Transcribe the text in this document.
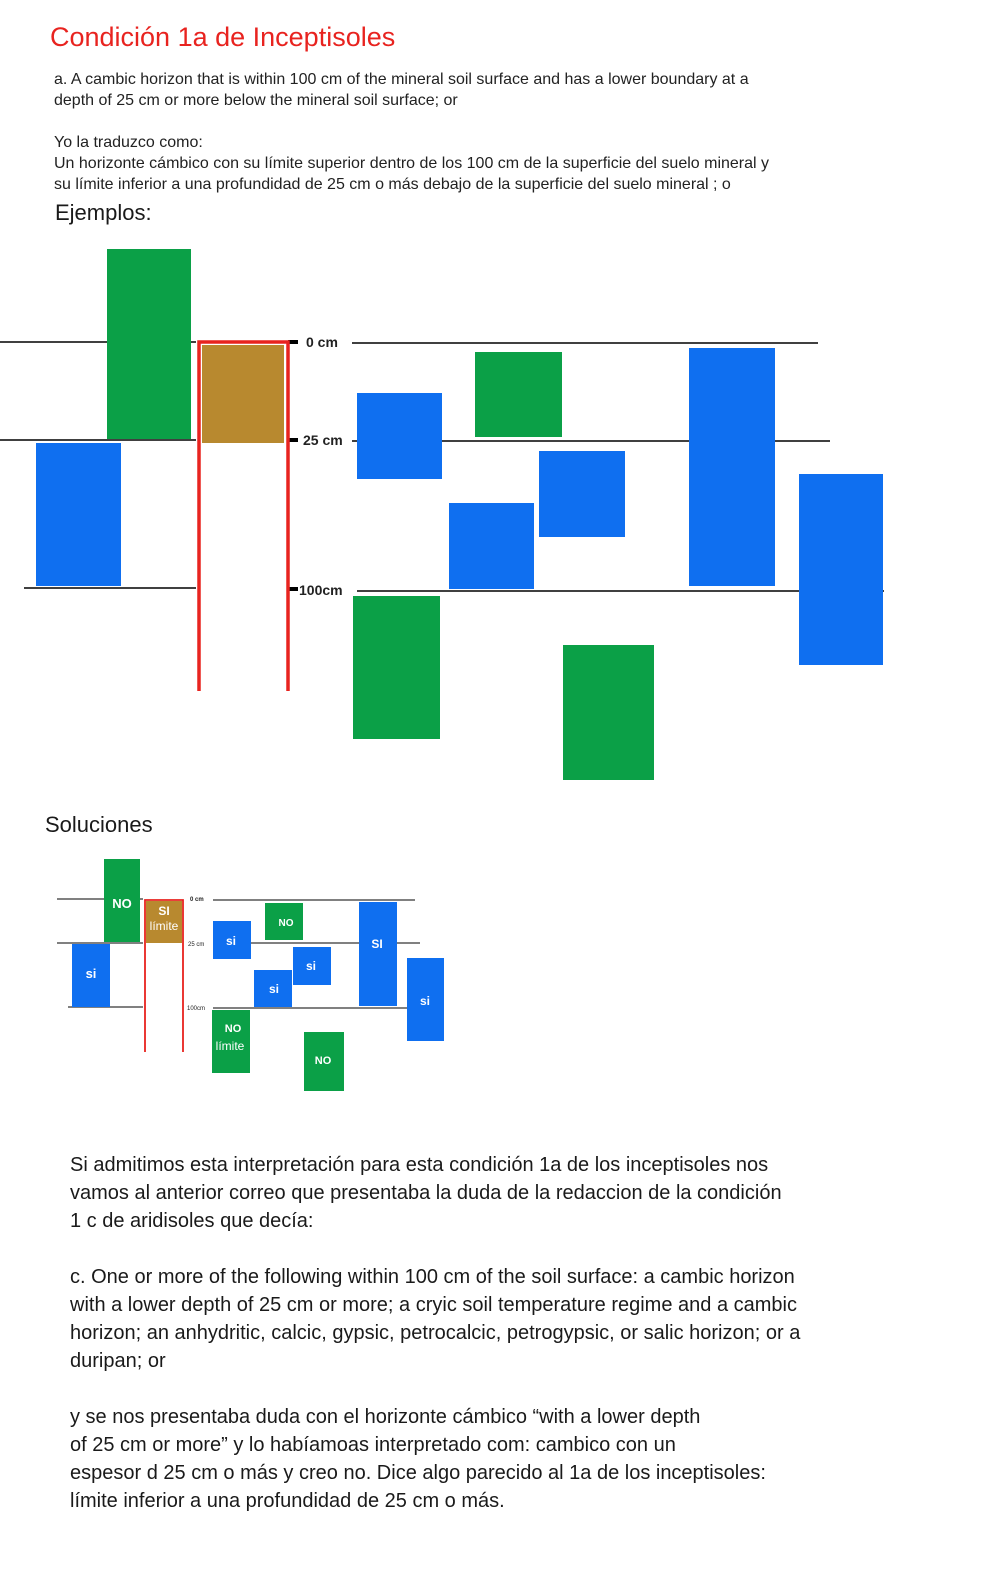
Condición 1a de Inceptisoles
a. A cambic horizon that is within 100 cm of the mineral soil surface and has a lower boundary at a
depth of 25 cm or more below the mineral soil surface; or
Yo la traduzco como:
Un horizonte cámbico con su límite superior dentro de los 100 cm de la superficie del suelo mineral y
su límite inferior a una profundidad de 25 cm o más debajo de la superficie del suelo mineral ; o
Ejemplos:
0 cm
25 cm
100cm
Soluciones
0 cm
25 cm
100cm
si
NO SI
límite
si
NO
si
si
NO
límite
NO
SI
si
Si admitimos esta interpretación para esta condición 1a de los inceptisoles nos
vamos al anterior correo que presentaba la duda de la redaccion de la condición
1 c de aridisoles que decía:
c. One or more of the following within 100 cm of the soil surface: a cambic horizon
with a lower depth of 25 cm or more; a cryic soil temperature regime and a cambic
horizon; an anhydritic, calcic, gypsic, petrocalcic, petrogypsic, or salic horizon; or a
duripan; or
y se nos presentaba duda con el horizonte cámbico “with a lower depth
of 25 cm or more” y lo habíamoas interpretado com: cambico con un
espesor d 25 cm o más y creo no. Dice algo parecido al 1a de los inceptisoles:
límite inferior a una profundidad de 25 cm o más.
